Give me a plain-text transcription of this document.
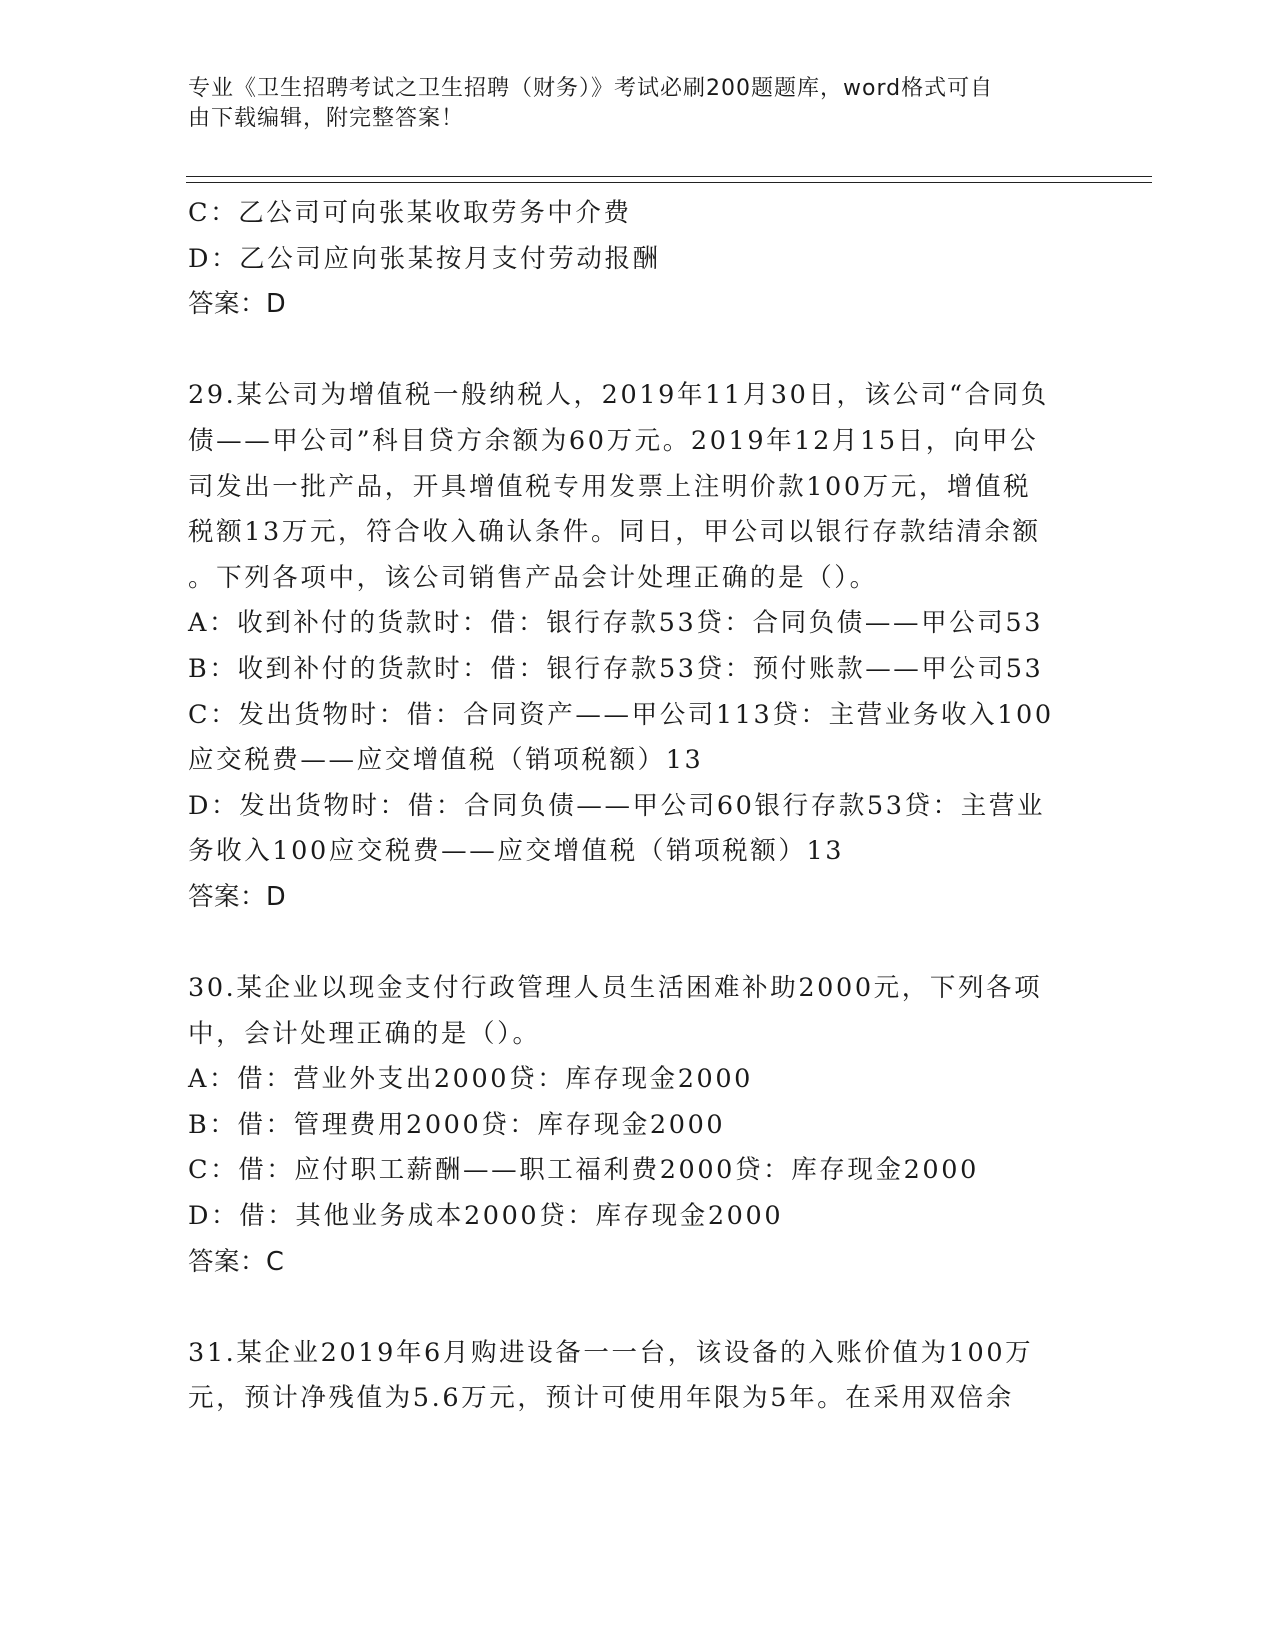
专业《卫生招聘考试之卫生招聘（财务）》考试必刷200题题库，word格式可自
由下载编辑，附完整答案！

C：乙公司可向张某收取劳务中介费

D：乙公司应向张某按月支付劳动报酬

答案：D

29.某公司为增值税一般纳税人，2019年11月30日，该公司“合同负

债——甲公司”科目贷方余额为60万元。2019年12月15日，向甲公

司发出一批产品，开具增值税专用发票上注明价款100万元，增值税

税额13万元，符合收入确认条件。同日，甲公司以银行存款结清余额

。下列各项中，该公司销售产品会计处理正确的是（）。

A：收到补付的货款时：借：银行存款53贷：合同负债——甲公司53

B：收到补付的货款时：借：银行存款53贷：预付账款——甲公司53

C：发出货物时：借：合同资产——甲公司113贷：主营业务收入100

应交税费——应交增值税（销项税额）13

D：发出货物时：借：合同负债——甲公司60银行存款53贷：主营业

务收入100应交税费——应交增值税（销项税额）13

答案：D

30.某企业以现金支付行政管理人员生活困难补助2000元，下列各项

中，会计处理正确的是（）。

A：借：营业外支出2000贷：库存现金2000

B：借：管理费用2000贷：库存现金2000

C：借：应付职工薪酬——职工福利费2000贷：库存现金2000

D：借：其他业务成本2000贷：库存现金2000

答案：C

31.某企业2019年6月购进设备一一台，该设备的入账价值为100万

元，预计净残值为5.6万元，预计可使用年限为5年。在采用双倍余
